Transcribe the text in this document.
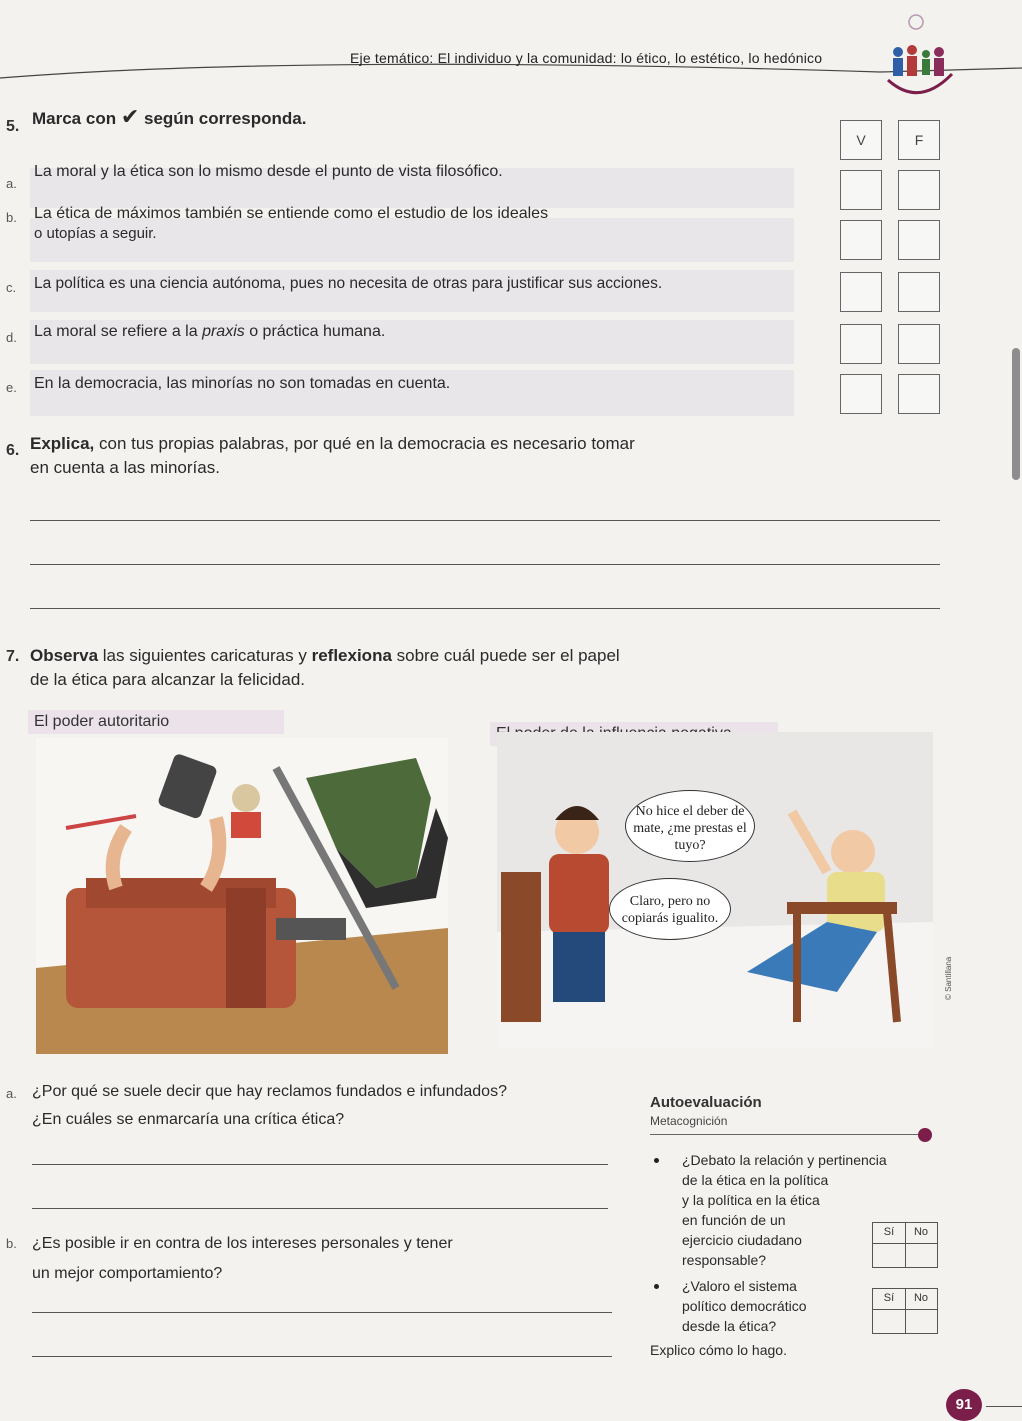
Eje temático: El individuo y la comunidad: lo ético, lo estético, lo hedónico
5. Marca con ✔ según corresponda.
V	F
a.
La moral y la ética son lo mismo desde el punto de vista filosófico.
b. La ética de máximos también se entiende como el estudio de los ideales
o utopías a seguir.
c. La política es una ciencia autónoma, pues no necesita de otras para justificar sus acciones.
d. La moral se refiere a la praxis o práctica humana.
e. En la democracia, las minorías no son tomadas en cuenta.
6. Explica, con tus propias palabras, por qué en la democracia es necesario tomar
en cuenta a las minorías.
7. Observa las siguientes caricaturas y reflexiona sobre cuál puede ser el papel
de la ética para alcanzar la felicidad.
El poder autoritario
No hice el deber de mate, ¿me prestas el tuyo?
Claro, pero no copiarás igualito.
© Santillana
a. ¿Por qué se suele decir que hay reclamos fundados e infundados?
¿En cuáles se enmarcaría una crítica ética?
b. ¿Es posible ir en contra de los intereses personales y tener
un mejor comportamiento?
Autoevaluación
Metacognición
¿Debato la relación y pertinencia
de la ética en la política
y la política en la ética
en función de un
ejercicio ciudadano
responsable?
Sí	No
¿Valoro el sistema
político democrático
desde la ética?
Sí	No
Explico cómo lo hago.
91
